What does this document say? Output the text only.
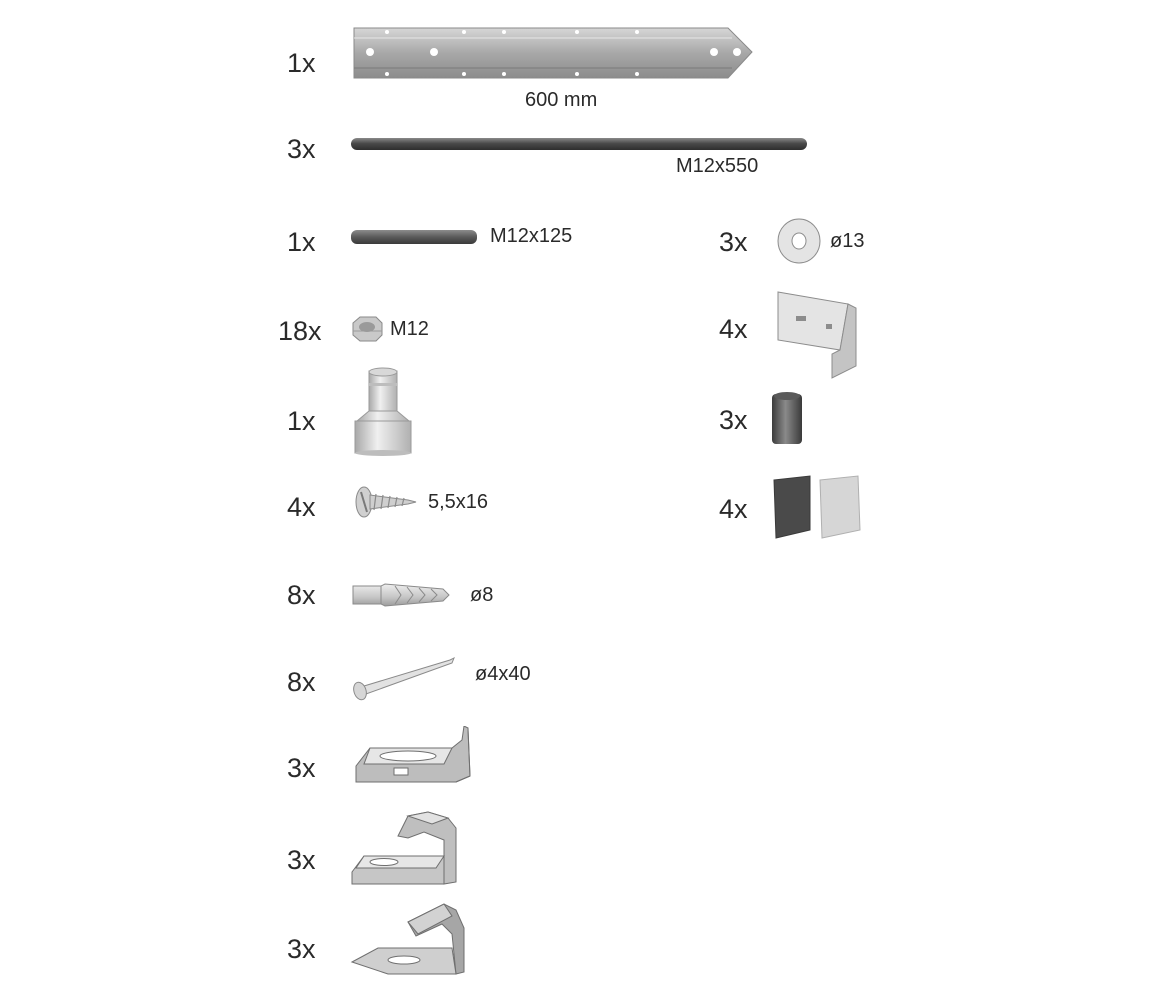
1x
600 mm
3x
M12x550
1x	M12x125
18x	M12
1x
4x	5,5x16
8x	ø8
8x	ø4x40
3x
3x
3x
3x	ø13
4x
3x
4x
